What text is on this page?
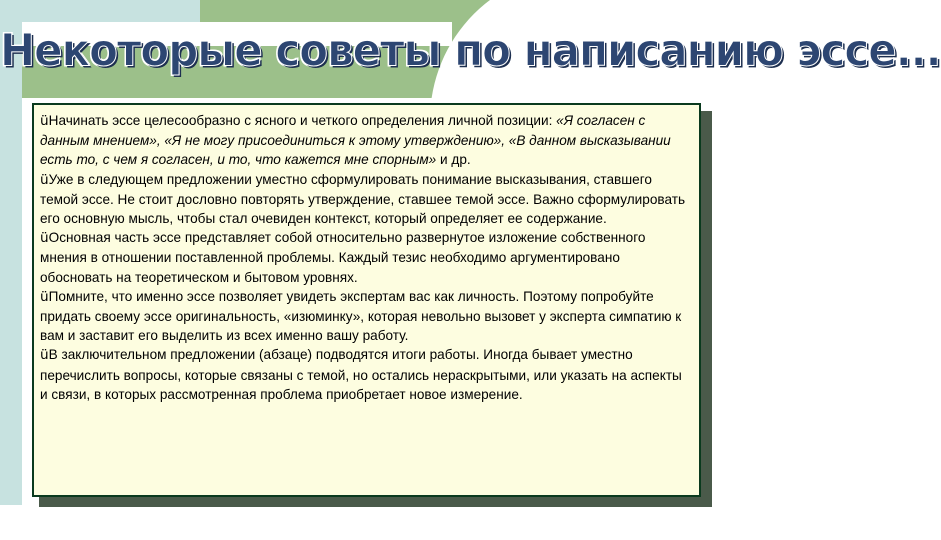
Некоторые советы по написанию эссе...

üНачинать эссе целесообразно с ясного и четкого определения личной позиции: «Я согласен с данным мнением», «Я не могу присоединиться к этому утверждению», «В данном высказывании есть то, с чем я согласен, и то, что кажется мне спорным» и др.

üУже в следующем предложении уместно сформулировать понимание высказывания, ставшего темой эссе. Не стоит дословно повторять утверждение, ставшее темой эссе. Важно сформулировать его основную мысль, чтобы стал очевиден контекст, который определяет ее содержание.

üОсновная часть эссе представляет собой относительно развернутое изложение собственного мнения в отношении поставленной проблемы. Каждый тезис необходимо аргументировано обосновать на теоретическом и бытовом уровнях.

üПомните, что именно эссе позволяет увидеть экспертам вас как личность. Поэтому попробуйте придать своему эссе оригинальность, «изюминку», которая невольно вызовет у эксперта симпатию к вам и заставит его выделить из всех именно вашу работу.

üВ заключительном предложении (абзаце) подводятся итоги работы. Иногда бывает уместно перечислить вопросы, которые связаны с темой, но остались нераскрытыми, или указать на аспекты и связи, в которых рассмотренная проблема приобретает новое измерение.
